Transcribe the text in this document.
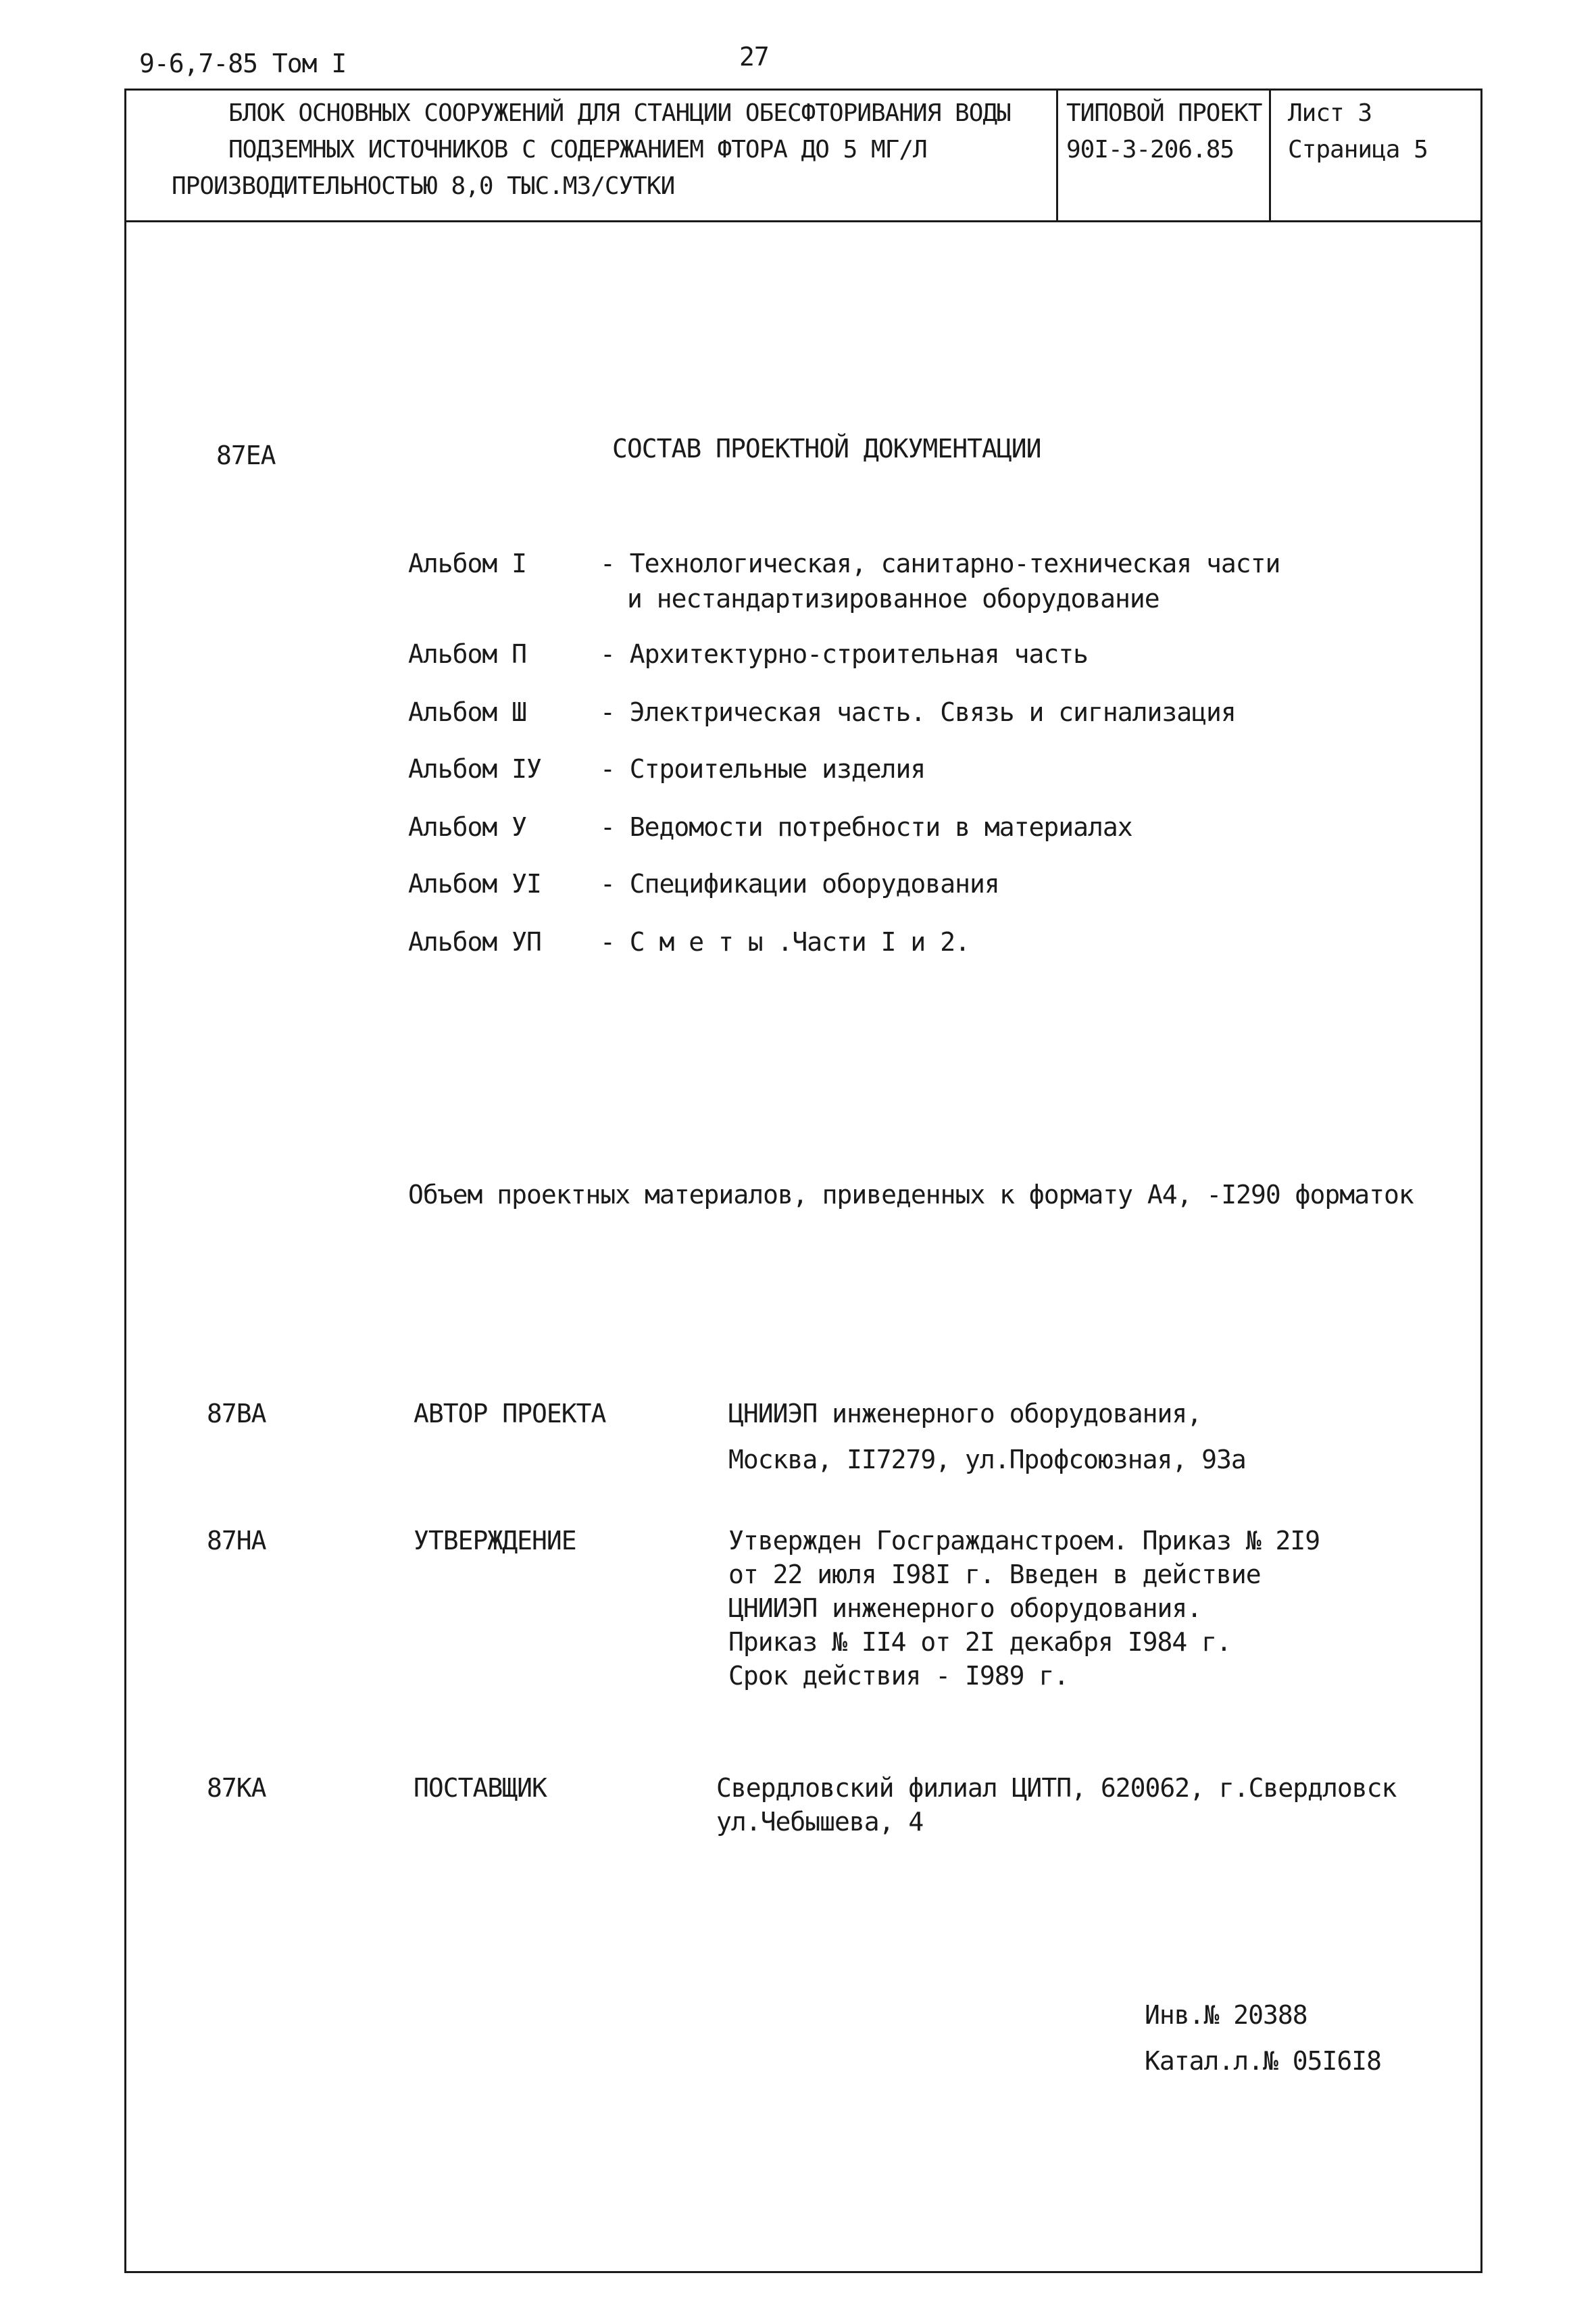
9-6,7-85 Том I	27
БЛОК ОСНОВНЫХ СООРУЖЕНИЙ ДЛЯ СТАНЦИИ ОБЕСФТОРИВАНИЯ ВОДЫ
ПОДЗЕМНЫХ ИСТОЧНИКОВ С СОДЕРЖАНИЕМ ФТОРА ДО 5 МГ/Л
ПРОИЗВОДИТЕЛЬНОСТЬЮ 8,0 ТЫС.М3/СУТКИ
ТИПОВОЙ ПРОЕКТ
90I-3-206.85
Лист 3
Страница 5
87ЕА	СОСТАВ ПРОЕКТНОЙ ДОКУМЕНТАЦИИ
Альбом I	- Технологическая, санитарно-техническая части
и нестандартизированное оборудование
Альбом П	- Архитектурно-строительная часть
Альбом Ш	- Электрическая часть. Связь и сигнализация
Альбом IУ - Строительные изделия
Альбом У	- Ведомости потребности в материалах
Альбом УI - Спецификации оборудования
Альбом УП - С м е т ы .Части I и 2.
Объем проектных материалов, приведенных к формату А4, -I290 форматок
87ВА	АВТОР ПРОЕКТА	ЦНИИЭП инженерного оборудования,
Москва, II7279, ул.Профсоюзная, 93а
87НА	УТВЕРЖДЕНИЕ	Утвержден Госгражданстроем. Приказ № 2I9
от 22 июля I98I г. Введен в действие
ЦНИИЭП инженерного оборудования.
Приказ № II4 от 2I декабря I984 г.
Срок действия - I989 г.
87КА	ПОСТАВЩИК	Свердловский филиал ЦИТП, 620062, г.Свердловск
ул.Чебышева, 4
Инв.№ 20388
Катал.л.№ 05I6I8
